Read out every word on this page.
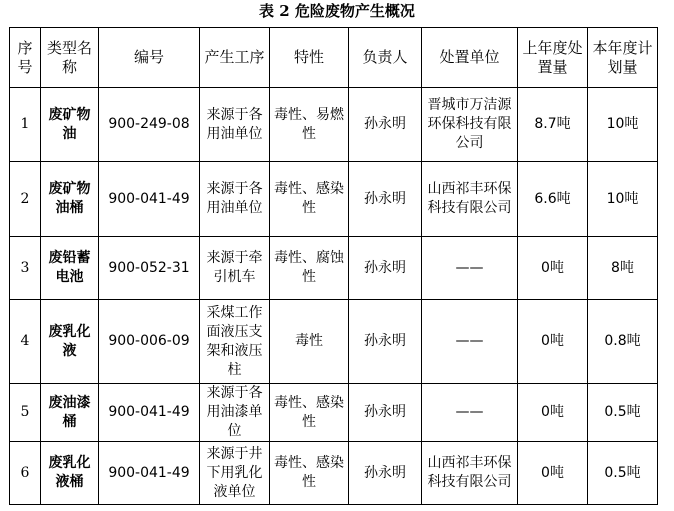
表 2 危险废物产生概况
序号	类型名称	编号	产生工序	特性	负责人	处置单位	上年度处置量	本年度计划量
1	废矿物油	900-249-08	来源于各用油单位	毒性、易燃性	孙永明	晋城市万洁源环保科技有限公司	8.7吨	10吨
2	废矿物油桶	900-041-49	来源于各用油单位	毒性、感染性	孙永明	山西祁丰环保科技有限公司	6.6吨	10吨
3	废铅蓄电池	900-052-31	来源于牵引机车	毒性、腐蚀性	孙永明	——	0吨	8吨
4	废乳化液	900-006-09	采煤工作面液压支架和液压柱	毒性	孙永明	——	0吨	0.8吨
5	废油漆桶	900-041-49	来源于各用油漆单位	毒性、感染性	孙永明	——	0吨	0.5吨
6	废乳化液桶	900-041-49	来源于井下用乳化液单位	毒性、感染性	孙永明	山西祁丰环保科技有限公司	0吨	0.5吨
